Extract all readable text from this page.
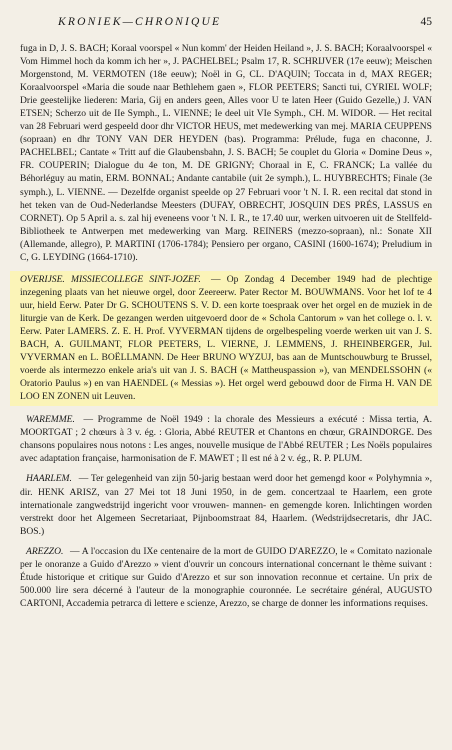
KRONIEK—CHRONIQUE	45

fuga in D, J. S. BACH; Koraal voorspel « Nun komm' der Heiden Heiland », J. S. BACH; Koraalvoorspel « Vom Himmel hoch da komm ich her », J. PACHELBEL; Psalm 17, R. SCHRIJVER (17e eeuw); Meischen Morgenstond, M. VERMOTEN (18e eeuw); Noël in G, CL. D'AQUIN; Toccata in d, MAX REGER; Koraalvoorspel «Maria die soude naar Bethlehem gaen », FLOR PEETERS; Sancti tui, CYRIEL WOLF; Drie geestelijke liederen: Maria, Gij en anders geen, Alles voor U te laten Heer (Guido Gezelle,) J. VAN ETSEN; Scherzo uit de IIe Symph., L. VIENNE; Ie deel uit VIe Symph., CH. M. WIDOR. — Het recital van 28 Februari werd gespeeld door dhr VICTOR HEUS, met medewerking van mej. MARIA CEUPPENS (sopraan) en dhr TONY VAN DER HEYDEN (bas). Programma: Prélude, fuga en chaconne, J. PACHELBEL; Cantate « Tritt auf die Glaubensbahn, J. S. BACH; 5e couplet du Gloria « Domine Deus », FR. COUPERIN; Dialogue du 4e ton, M. DE GRIGNY; Choraal in E, C. FRANCK; La vallée du Béhorléguy au matin, ERM. BONNAL; Andante cantabile (uit 2e symph.), L. HUYBRECHTS; Finale (3e symph.), L. VIENNE. — Dezelfde organist speelde op 27 Februari voor 't N. I. R. een recital dat stond in het teken van de Oud-Nederlandse Meesters (DUFAY, OBRECHT, JOSQUIN DES PRÉS, LASSUS en CORNET). Op 5 April a. s. zal hij eveneens voor 't N. I. R., te 17.40 uur, werken uitvoeren uit de Stellfeld-Bibliotheek te Antwerpen met medewerking van Marg. REINERS (mezzo-sopraan), nl.: Sonate XII (Allemande, allegro), P. MARTINI (1706-1784); Pensiero per organo, CASINI (1600-1674); Preludium in C, G. LEYDING (1664-1710).

OVERIJSE. MISSIECOLLEGE SINT-JOZEF. — Op Zondag 4 December 1949 had de plechtige inzegening plaats van het nieuwe orgel, door Zeereerw. Pater Rector M. BOUWMANS. Voor het lof te 4 uur, hield Eerw. Pater Dr G. SCHOUTENS S. V. D. een korte toespraak over het orgel en de muziek in de liturgie van de Kerk. De gezangen werden uitgevoerd door de « Schola Cantorum » van het college o. l. v. Eerw. Pater LAMERS. Z. E. H. Prof. VYVERMAN tijdens de orgelbespeling voerde werken uit van J. S. BACH, A. GUILMANT, FLOR PEETERS, L. VIERNE, J. LEMMENS, J. RHEINBERGER, Jul. VYVERMAN en L. BOËLLMANN. De Heer BRUNO WYZUJ, bas aan de Muntschouwburg te Brussel, voerde als intermezzo enkele aria's uit van J. S. BACH (« Mattheuspassion »), van MENDELSSOHN (« Oratorio Paulus ») en van HAENDEL (« Messias »). Het orgel werd gebouwd door de Firma H. VAN DE LOO EN ZONEN uit Leuven.

WAREMME. — Programme de Noël 1949 : la chorale des Messieurs a exécuté : Missa tertia, A. MOORTGAT ; 2 chœurs à 3 v. ég. : Gloria, Abbé REUTER et Chantons en chœur, GRAINDORGE. Des chansons populaires nous notons : Les anges, nouvelle musique de l'Abbé REUTER ; Les Noëls populaires avec adaptation française, harmonisation de F. MAWET ; Il est né à 2 v. ég., R. P. PLUM.

HAARLEM. — Ter gelegenheid van zijn 50-jarig bestaan werd door het gemengd koor « Polyhymnia », dir. HENK ARISZ, van 27 Mei tot 18 Juni 1950, in de gem. concertzaal te Haarlem, een grote internationale zangwedstrijd ingericht voor vrouwen- mannen- en gemengde koren. Inlichtingen worden verstrekt door het Algemeen Secretariaat, Pijnboomstraat 84, Haarlem. (Wedstrijdsecretaris, dhr JAC. BOS.)

AREZZO. — A l'occasion du IXe centenaire de la mort de GUIDO D'AREZZO, le « Comitato nazionale per le onoranze a Guido d'Arezzo » vient d'ouvrir un concours international concernant le thème suivant : Étude historique et critique sur Guido d'Arezzo et sur son innovation reconnue et certaine. Un prix de 500.000 lire sera décerné à l'auteur de la monographie couronnée. Le secrétaire général, AUGUSTO CARTONI, Accademia petrarca di lettere e scienze, Arezzo, se charge de donner les informations requises.
